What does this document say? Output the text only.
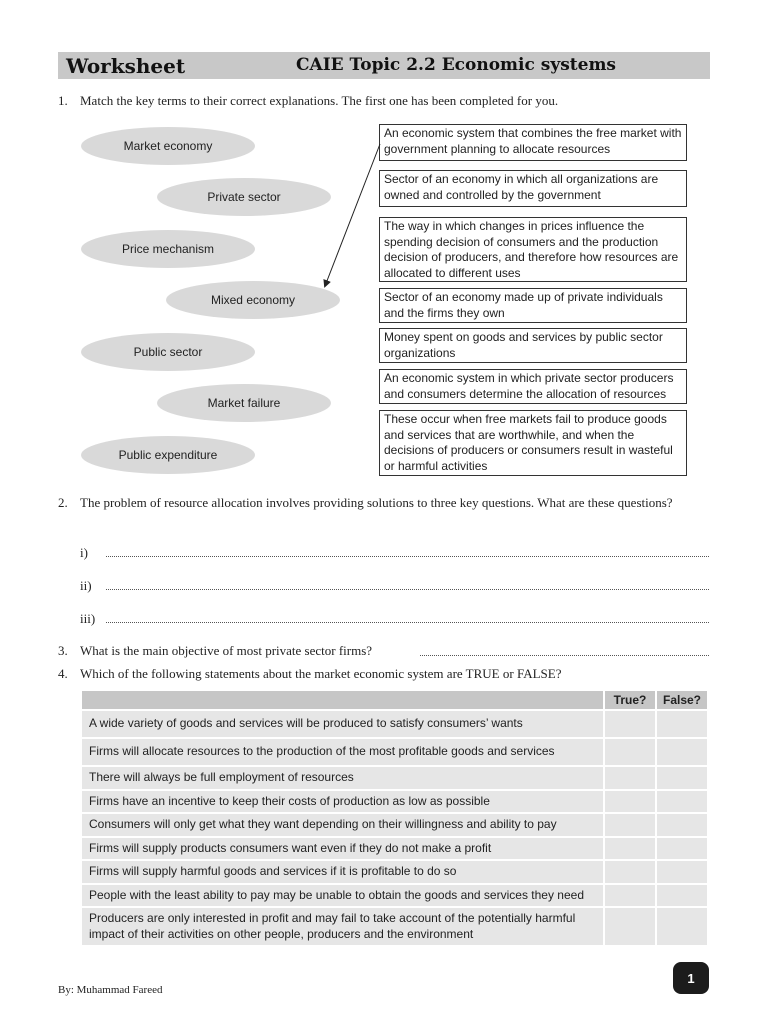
Worksheet	CAIE Topic 2.2 Economic systems
1. Match the key terms to their correct explanations. The first one has been completed for you.
Market economy
Private sector
Price mechanism
Mixed economy
Public sector
Market failure
Public expenditure
An economic system that combines the free market with government planning to allocate resources
Sector of an economy in which all organizations are owned and controlled by the government
The way in which changes in prices influence the spending decision of consumers and the production decision of producers, and therefore how resources are allocated to different uses
Sector of an economy made up of private individuals and the firms they own
Money spent on goods and services by public sector organizations
An economic system in which private sector producers and consumers determine the allocation of resources
These occur when free markets fail to produce goods and services that are worthwhile, and when the decisions of producers or consumers result in wasteful or harmful activities
2. The problem of resource allocation involves providing solutions to three key questions. What are these questions?
i)
ii)
iii)
3. What is the main objective of most private sector firms?
4. Which of the following statements about the market economic system are TRUE or FALSE?
	True?	False?
A wide variety of goods and services will be produced to satisfy consumers’ wants		
Firms will allocate resources to the production of the most profitable goods and services		
There will always be full employment of resources		
Firms have an incentive to keep their costs of production as low as possible		
Consumers will only get what they want depending on their willingness and ability to pay		
Firms will supply products consumers want even if they do not make a profit		
Firms will supply harmful goods and services if it is profitable to do so		
People with the least ability to pay may be unable to obtain the goods and services they need		
Producers are only interested in profit and may fail to take account of the potentially harmful impact of their activities on other people, producers and the environment		
By: Muhammad Fareed
1
